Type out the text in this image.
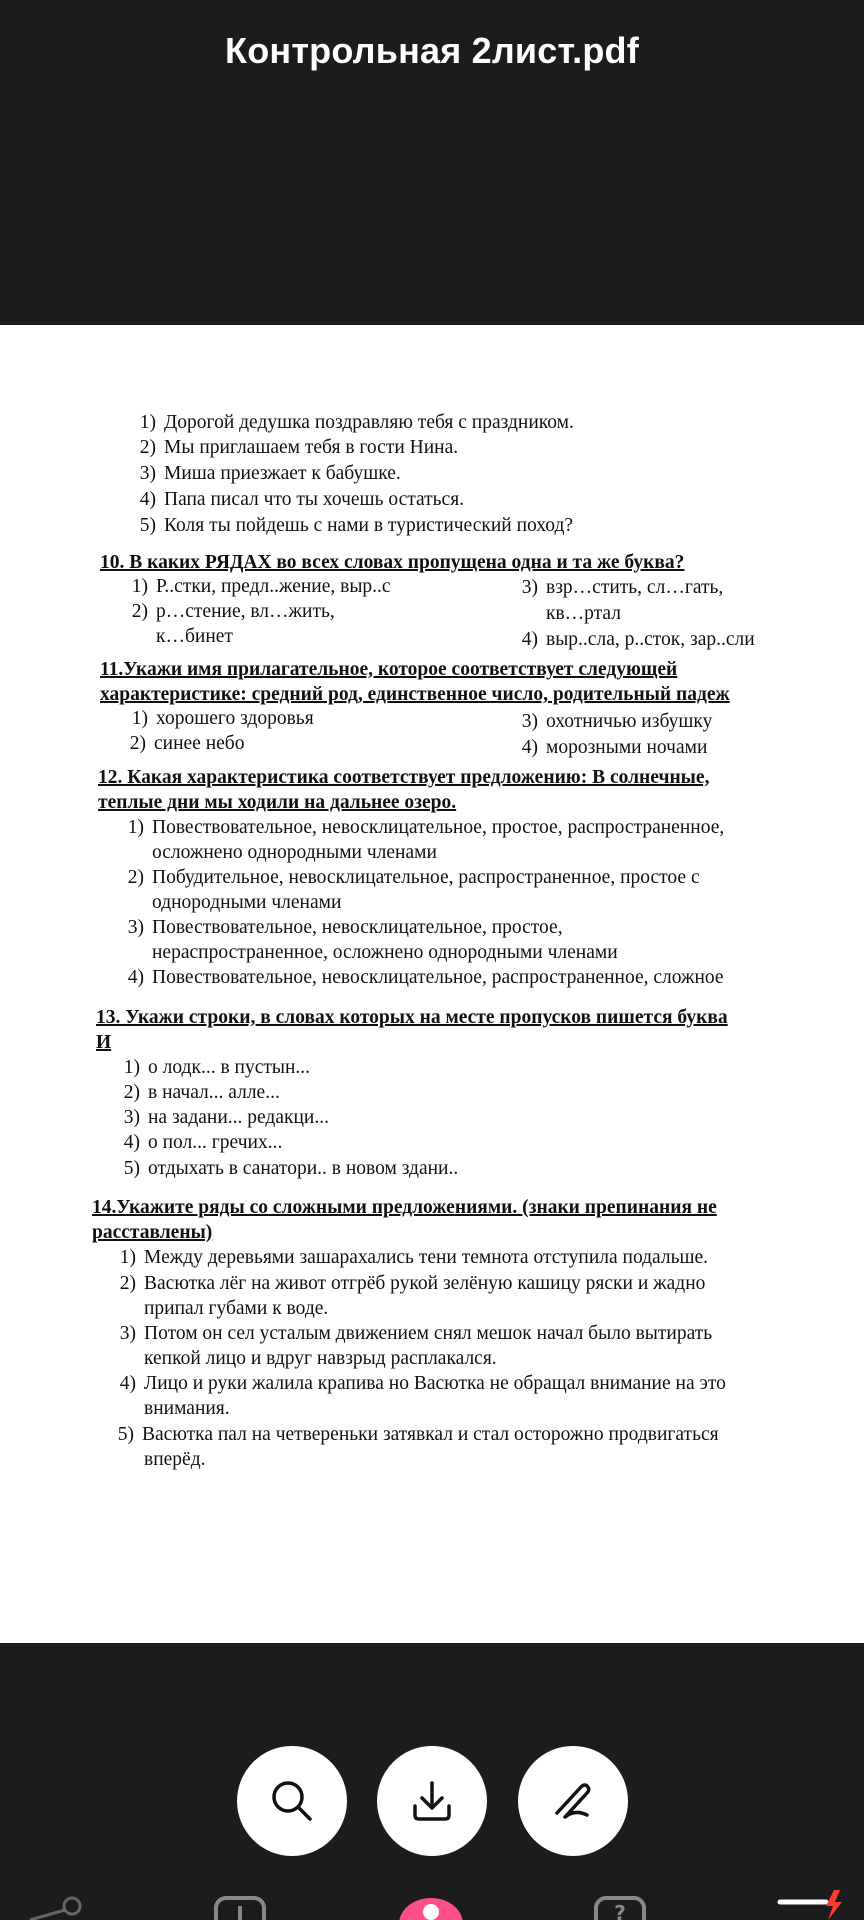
Контрольная 2лист.pdf
1) Дорогой дедушка поздравляю тебя с праздником.
2) Мы приглашаем тебя в гости Нина.
3) Миша приезжает к бабушке.
4) Папа писал что ты хочешь остаться.
5) Коля ты пойдешь с нами в туристический поход?
10. В каких РЯДАХ во всех словах пропущена одна и та же буква?
1) Р..стки, предл..жение, выр..с
2) р…стение, вл…жить,
к…бинет
3) взр…стить, сл…гать,
кв…ртал
4) выр..сла, р..сток, зар..сли
11.Укажи имя прилагательное, которое соответствует следующей
характеристике: средний род, единственное число, родительный падеж
1) хорошего здоровья
2) синее небо
3) охотничью избушку
4) морозными ночами
12. Какая характеристика соответствует предложению: В солнечные,
теплые дни мы ходили на дальнее озеро.
1) Повествовательное, невосклицательное, простое, распространенное,
осложнено однородными членами
2) Побудительное, невосклицательное, распространенное, простое с
однородными членами
3) Повествовательное, невосклицательное, простое,
нераспространенное, осложнено однородными членами
4) Повествовательное, невосклицательное, распространенное, сложное
13. Укажи строки, в словах которых на месте пропусков пишется буква
И
1) о лодк... в пустын...
2) в начал... алле...
3) на задани... редакци...
4) о пол... гречих...
5) отдыхать в санатори.. в новом здани..
14.Укажите ряды со сложными предложениями. (знаки препинания не
расставлены)
1) Между деревьями зашарахались тени темнота отступила подальше.
2) Васютка лёг на живот отгрёб рукой зелёную кашицу ряски и жадно
припал губами к воде.
3) Потом он сел усталым движением снял мешок начал было вытирать
кепкой лицо и вдруг навзрыд расплакался.
4) Лицо и руки жалила крапива но Васютка не обращал внимание на это
внимания.
5) Васютка пал на четвереньки затявкал и стал осторожно продвигаться
вперёд.
?
